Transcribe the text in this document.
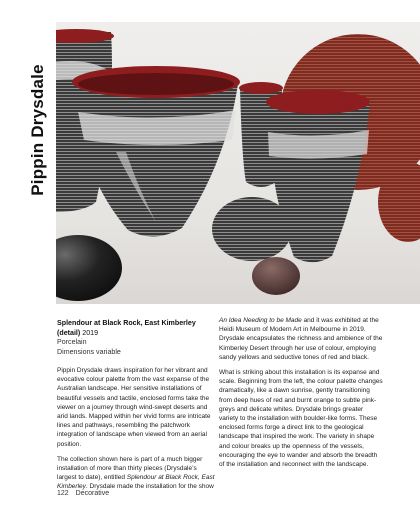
Pippin Drysdale
Splendour at Black Rock, East Kimberley
(detail) 2019
Porcelain
Dimensions variable

Pippin Drysdale draws inspiration for her vibrant and evocative colour palette from the vast expanse of the Australian landscape. Her sensitive installations of beautiful vessels and tactile, enclosed forms take the viewer on a journey through wind-swept deserts and arid lands. Mapped within her vivid forms are intricate lines and pathways, resembling the patchwork integration of landscape when viewed from an aerial position.

The collection shown here is part of a much bigger installation of more than thirty pieces (Drysdale’s largest to date), entitled Splendour at Black Rock, East Kimberley. Drysdale made the installation for the show

An Idea Needing to be Made and it was exhibited at the Heidi Museum of Modern Art in Melbourne in 2019. Drysdale encapsulates the richness and ambience of the Kimberley Desert through her use of colour, employing sandy yellows and seductive tones of red and black.

What is striking about this installation is its expanse and scale. Beginning from the left, the colour palette changes dramatically, like a dawn sunrise, gently transitioning from deep hues of red and burnt orange to subtle pink-greys and delicate whites. Drysdale brings greater variety to the installation with boulder-like forms. These enclosed forms forge a direct link to the geological landscape that inspired the work. The variety in shape and colour breaks up the openness of the vessels, encouraging the eye to wander and absorb the breadth of the installation and reconnect with the landscape.

122 Decorative
